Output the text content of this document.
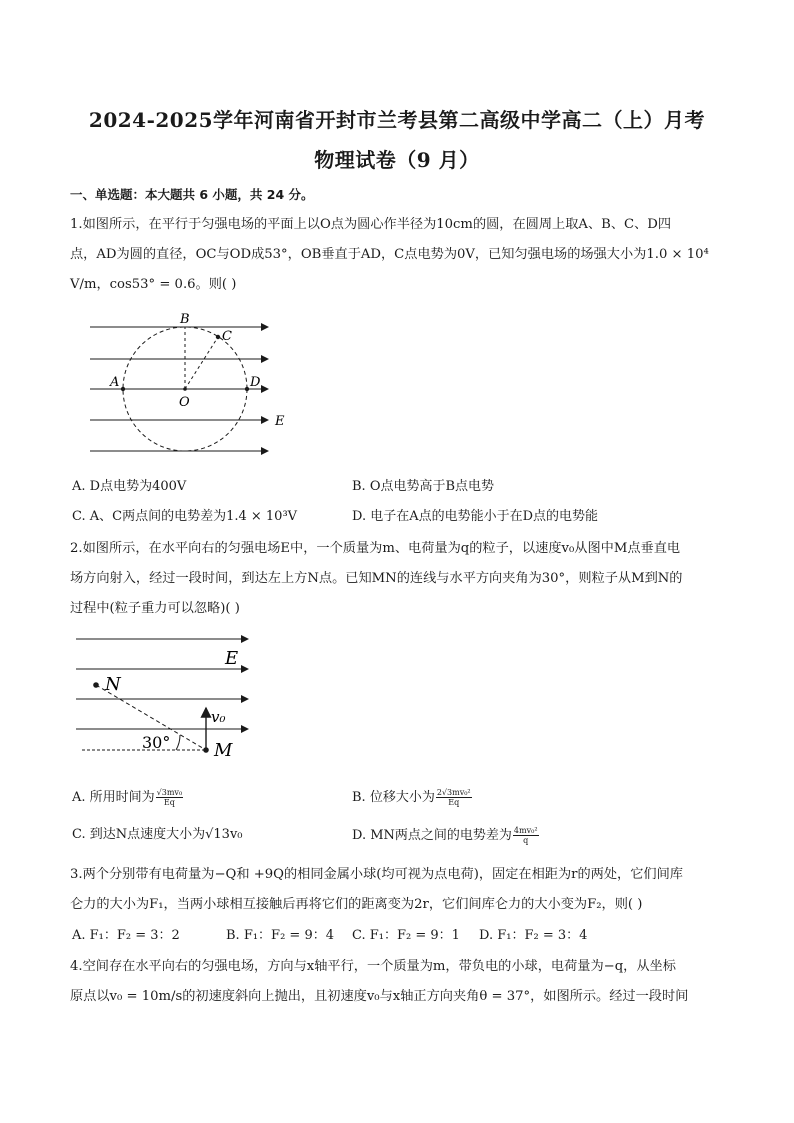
2024-2025学年河南省开封市兰考县第二高级中学高二（上）月考
物理试卷（9 月）
一、单选题：本大题共 6 小题，共 24 分。
1.如图所示，在平行于匀强电场的平面上以O点为圆心作半径为10cm的圆，在圆周上取A、B、C、D四
点，AD为圆的直径，OC与OD成53°，OB垂直于AD，C点电势为0V，已知匀强电场的场强大小为1.0 × 10⁴
V/m，cos53° = 0.6。则( )
B
C
A	D
O
E
A. D点电势为400V	B. O点电势高于B点电势
C. A、C两点间的电势差为1.4 × 10³V	D. 电子在A点的电势能小于在D点的电势能
2.如图所示，在水平向右的匀强电场E中，一个质量为m、电荷量为q的粒子，以速度v₀从图中M点垂直电
场方向射入，经过一段时间，到达左上方N点。已知MN的连线与水平方向夹角为30°，则粒子从M到N的
过程中(粒子重力可以忽略)( )
E
N
v₀
30° M
A. 所用时间为 $\frac{\text{√3mv₀}}{Eq}$	B. 位移大小为 $\frac{\text{2√3mv₀²}}{Eq}$
C. 到达N点速度大小为√13v₀	D. MN两点之间的电势差为 $\frac{\text{4mv₀²}}{q}$
3.两个分别带有电荷量为−Q和 +9Q的相同金属小球(均可视为点电荷)，固定在相距为r的两处，它们间库
仑力的大小为F₁，当两小球相互接触后再将它们的距离变为2r，它们间库仑力的大小变为F₂，则( )
A. F₁：F₂ = 3：2	B. F₁：F₂ = 9：4 C. F₁：F₂ = 9：1 D. F₁：F₂ = 3：4
4.空间存在水平向右的匀强电场，方向与x轴平行，一个质量为m，带负电的小球，电荷量为−q，从坐标
原点以v₀ = 10m/s的初速度斜向上抛出，且初速度v₀与x轴正方向夹角θ = 37°，如图所示。经过一段时间
